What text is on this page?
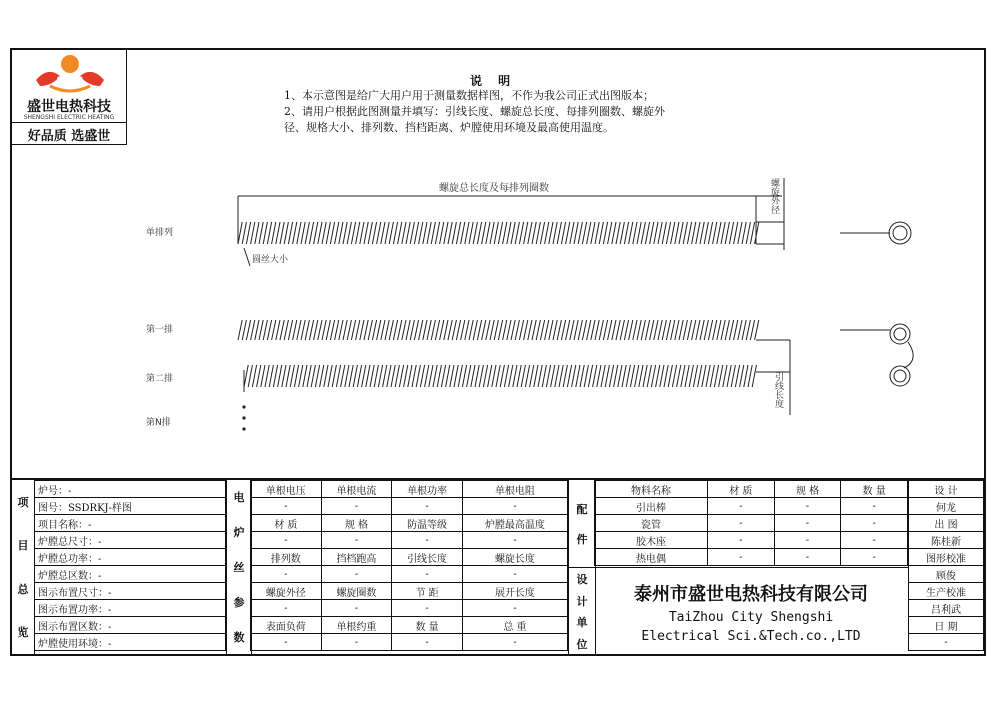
SSDR
盛世电热科技
SHENGSHI ELECTRIC HEATING
好品质 选盛世
说 明
1、本示意图是给广大用户用于测量数据样图，不作为我公司正式出图版本；
2、请用户根据此图测量并填写：引线长度、螺旋总长度、每排列圈数、螺旋外
径、规格大小、排列数、挡档距离、炉膛使用环境及最高使用温度。
螺旋总长度及每排列圈数
圆丝大小
螺旋外径
引线长度
单排列
第一排
第二排
第N排
项
目
总
览
炉号：-
图号：SSDRKJ-样图
项目名称：-
炉膛总尺寸：-
炉膛总功率：-
炉膛总区数：-
图示布置尺寸：-
图示布置功率：-
图示布置区数：-
炉膛使用环境：-
电
炉
丝
参
数
单根电压	单根电流	单根功率	单根电阻
-	-	-	-
材 质	规 格	防温等级	炉膛最高温度
-	-	-	-
排列数	挡档跑高	引线长度	螺旋长度
-	-	-	-
螺旋外径	螺旋圈数	节 距	展开长度
-	-	-	-
表面负荷	单根约重	数 量	总 重
-	-	-	-
配
件
物料名称	材 质	规 格	数 量
引出棒	-	-	-
瓷管	-	-	-
胶木座	-	-	-
热电偶	-	-	-
设
计
单
位
泰州市盛世电热科技有限公司
TaiZhou City Shengshi
Electrical Sci.&Tech.co.,LTD
设 计
何龙
出 图
陈桂新
图形校准
顾俊
生产校准
吕利武
日 期
-
